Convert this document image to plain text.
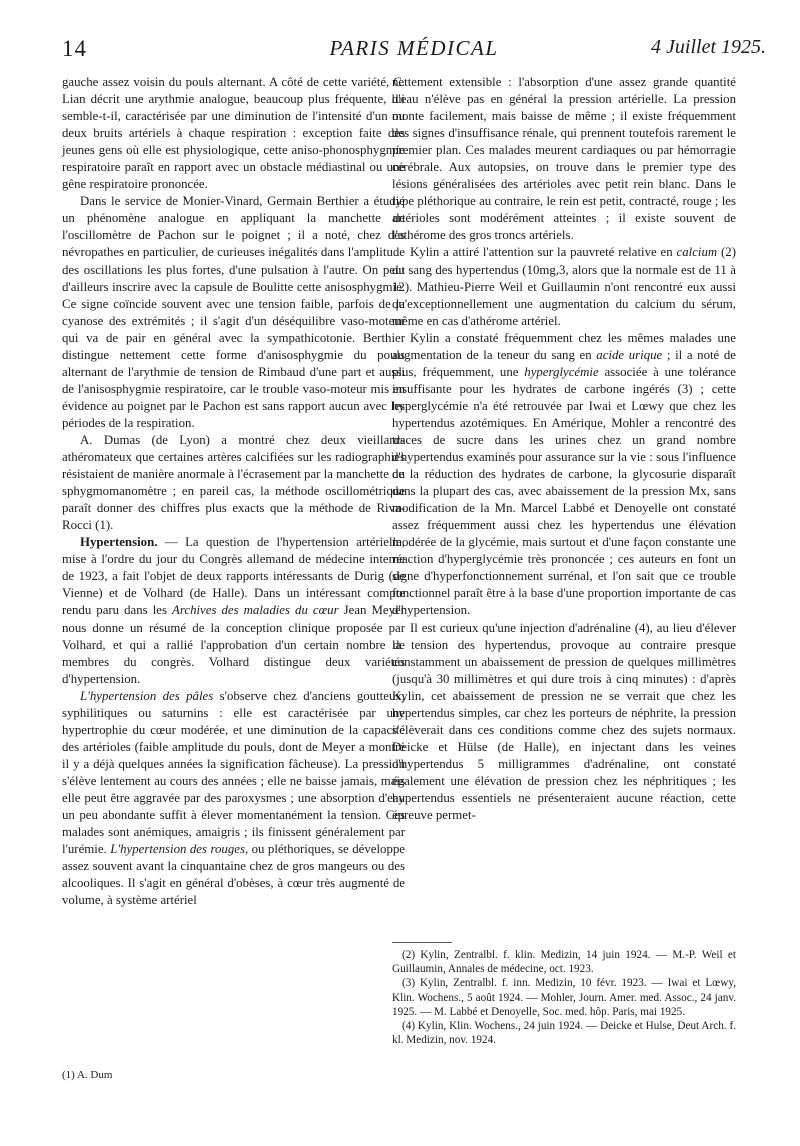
14	PARIS MÉDICAL	4 Juillet 1925.

gauche assez voisin du pouls alternant. A côté de cette variété, C. Lian décrit une arythmie analogue, beaucoup plus fréquente, lui semble-t-il, caractérisée par une diminution de l'intensité d'un ou deux bruits artériels à chaque respiration : exception faite des jeunes gens où elle est physiologique, cette aniso-phonosphygmie respiratoire paraît en rapport avec un obstacle médiastinal ou une gêne respiratoire prononcée.

Dans le service de Monier-Vinard, Germain Berthier a étudié un phénomène analogue en appliquant la manchette de l'oscillomètre de Pachon sur le poignet ; il a noté, chez des névropathes en particulier, de curieuses inégalités dans l'amplitude des oscillations les plus fortes, d'une pulsation à l'autre. On peut d'ailleurs inscrire avec la capsule de Boulitte cette anisosphygmie. Ce signe coïncide souvent avec une tension faible, parfois de la cyanose des extrémités ; il s'agit d'un déséquilibre vaso-moteur qui va de pair en général avec la sympathicotonie. Berthier distingue nettement cette forme d'anisosphygmie du pouls alternant de l'arythmie de tension de Rimbaud d'une part et aussi de l'anisosphygmie respiratoire, car le trouble vaso-moteur mis en évidence au poignet par le Pachon est sans rapport aucun avec les périodes de la respiration.

A. Dumas (de Lyon) a montré chez deux vieillards athéromateux que certaines artères calcifiées sur les radiographies résistaient de manière anormale à l'écrasement par la manchette du sphygmomanomètre ; en pareil cas, la méthode oscillométrique paraît donner des chiffres plus exacts que la méthode de Riva-Rocci (1).

Hypertension. — La question de l'hypertension artérielle, mise à l'ordre du jour du Congrès allemand de médecine interne de 1923, a fait l'objet de deux rapports intéressants de Durig (de Vienne) et de Volhard (de Halle). Dans un intéressant compte rendu paru dans les Archives des maladies du cœur Jean Meyer nous donne un résumé de la conception clinique proposée par Volhard, et qui a rallié l'approbation d'un certain nombre de membres du congrès. Volhard distingue deux variétés d'hypertension.

L'hypertension des pâles s'observe chez d'anciens goutteux, syphilitiques ou saturnins : elle est caractérisée par une hypertrophie du cœur modérée, et une diminution de la capacité des artérioles (faible amplitude du pouls, dont de Meyer a montré il y a déjà quelques années la signification fâcheuse). La pression s'élève lentement au cours des années ; elle ne baisse jamais, mais elle peut être aggravée par des paroxysmes ; une absorption d'eau un peu abondante suffit à élever momentanément la tension. Ces malades sont anémiques, amaigris ; ils finissent généralement par l'urémie. L'hypertension des rouges, ou pléthoriques, se développe assez souvent avant la cinquantaine chez de gros mangeurs ou des alcooliques. Il s'agit en général d'obèses, à cœur très augmenté de volume, à système artériel

(1) A. Dum

nettement extensible : l'absorption d'une assez grande quantité d'eau n'élève pas en général la pression artérielle. La pression monte facilement, mais baisse de même ; il existe fréquemment des signes d'insuffisance rénale, qui prennent toutefois rarement le premier plan. Ces malades meurent cardiaques ou par hémorragie cérébrale. Aux autopsies, on trouve dans le premier type des lésions généralisées des artérioles avec petit rein blanc. Dans le type pléthorique au contraire, le rein est petit, contracté, rouge ; les artérioles sont modérément atteintes ; il existe souvent de l'athérome des gros troncs artériels.

Kylin a attiré l'attention sur la pauvreté relative en calcium (2) du sang des hypertendus (10mg,3, alors que la normale est de 11 à 12). Mathieu-Pierre Weil et Guillaumin n'ont rencontré eux aussi qu'exceptionnellement une augmentation du calcium du sérum, même en cas d'athérome artériel.

Kylin a constaté fréquemment chez les mêmes malades une augmentation de la teneur du sang en acide urique ; il a noté de plus, fréquemment, une hyperglycémie associée à une tolérance insuffisante pour les hydrates de carbone ingérés (3) ; cette hyperglycémie n'a été retrouvée par Iwai et Lœwy que chez les hypertendus azotémiques. En Amérique, Mohler a rencontré des traces de sucre dans les urines chez un grand nombre d'hypertendus examinés pour assurance sur la vie : sous l'influence de la réduction des hydrates de carbone, la glycosurie disparaît dans la plupart des cas, avec abaissement de la pression Mx, sans modification de la Mn. Marcel Labbé et Denoyelle ont constaté assez fréquemment aussi chez les hypertendus une élévation modérée de la glycémie, mais surtout et d'une façon constante une réaction d'hyperglycémie très prononcée ; ces auteurs en font un signe d'hyperfonctionnement surrénal, et l'on sait que ce trouble fonctionnel paraît être à la base d'une proportion importante de cas d'hypertension.

Il est curieux qu'une injection d'adrénaline (4), au lieu d'élever la tension des hypertendus, provoque au contraire presque constamment un abaissement de pression de quelques millimètres (jusqu'à 30 millimètres et qui dure trois à cinq minutes) : d'après Kylin, cet abaissement de pression ne se verrait que chez les hypertendus simples, car chez les porteurs de néphrite, la pression s'élèverait dans ces conditions comme chez des sujets normaux. Deicke et Hülse (de Halle), en injectant dans les veines d'hypertendus 5 milligrammes d'adrénaline, ont constaté également une élévation de pression chez les néphritiques ; les hypertendus essentiels ne présenteraient aucune réaction, cette épreuve permet-

(2) Kylin, Zentralbl. f. klin. Medizin, 14 juin 1924. — M.-P. Weil et Guillaumin, Annales de médecine, oct. 1923.

(3) Kylin, Zentralbl. f. inn. Medizin, 10 févr. 1923. — Iwai et Lœwy, Klin. Wochens., 5 août 1924. — Mohler, Journ. Amer. med. Assoc., 24 janv. 1925. — M. Labbé et Denoyelle, Soc. med. hôp. Paris, mai 1925.

(4) Kylin, Klin. Wochens., 24 juin 1924. — Deicke et Hulse, Deut Arch. f. kl. Medizin, nov. 1924.
